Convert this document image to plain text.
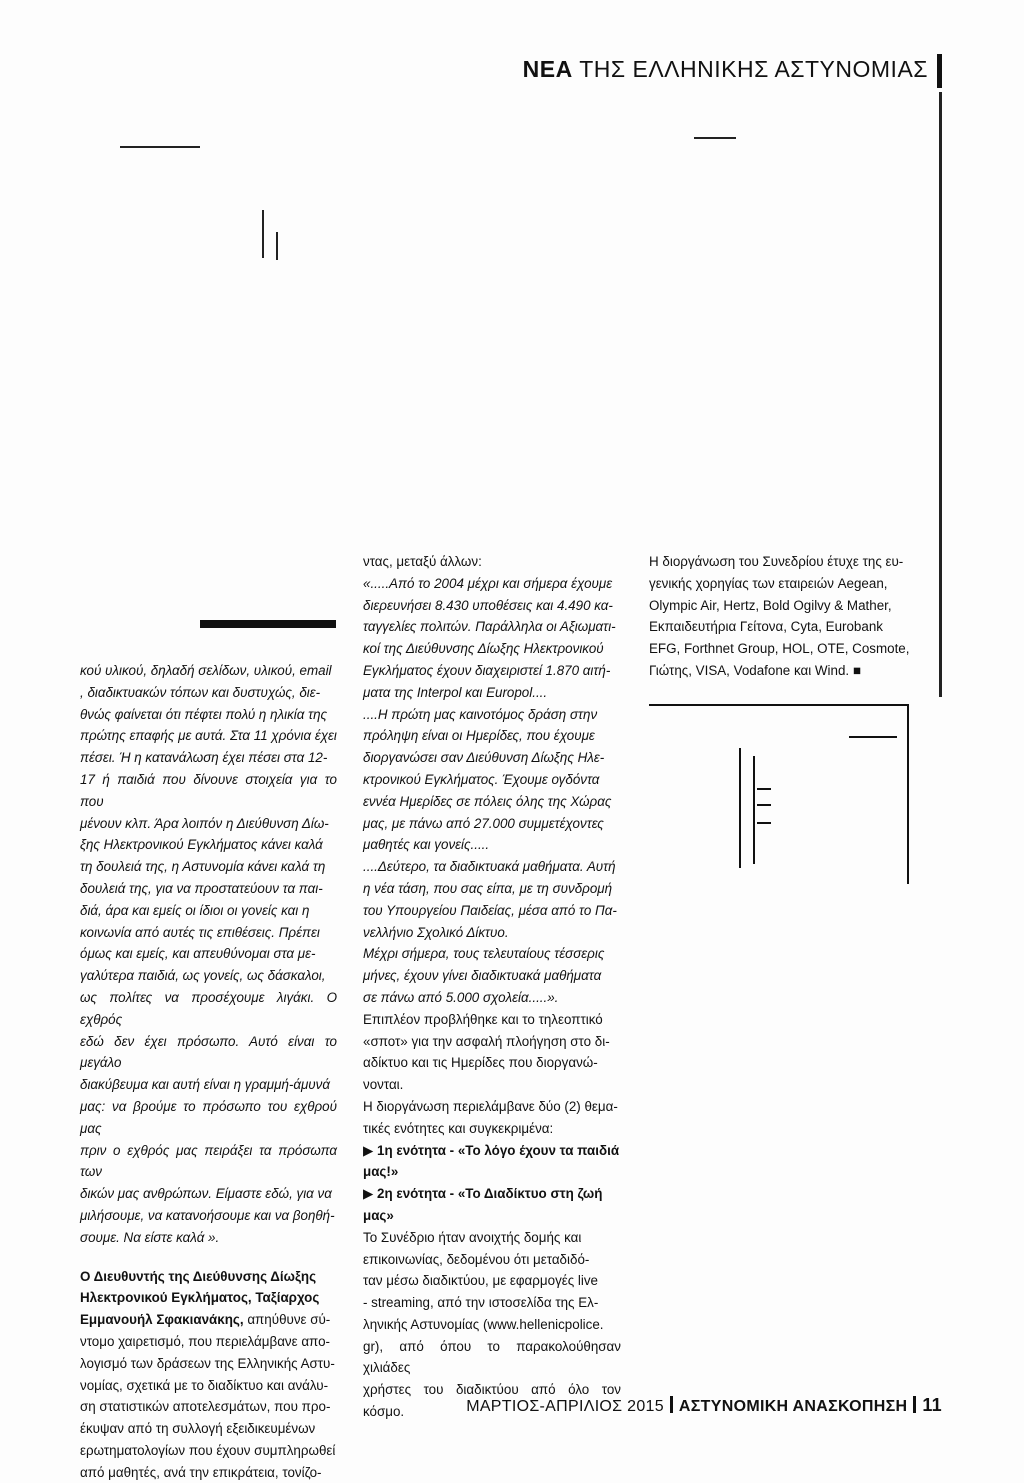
ΝΕΑ ΤΗΣ ΕΛΛΗΝΙΚΗΣ ΑΣΤΥΝΟΜΙΑΣ

κού υλικού, δηλαδή σελίδων, υλικού, email

, διαδικτυακών τόπων και δυστυχώς, διε-

θνώς φαίνεται ότι πέφτει πολύ η ηλικία της

πρώτης επαφής με αυτά. Στα 11 χρόνια έχει

πέσει. Ή η κατανάλωση έχει πέσει στα 12-

17 ή παιδιά που δίνουνε στοιχεία για το που

μένουν κλπ. Άρα λοιπόν η Διεύθυνση Δίω-

ξης Ηλεκτρονικού Εγκλήματος κάνει καλά

τη δουλειά της, η Αστυνομία κάνει καλά τη

δουλειά της, για να προστατεύουν τα παι-

διά, άρα και εμείς οι ίδιοι οι γονείς και η

κοινωνία από αυτές τις επιθέσεις. Πρέπει

όμως και εμείς, και απευθύνομαι στα με-

γαλύτερα παιδιά, ως γονείς, ως δάσκαλοι,

ως πολίτες να προσέχουμε λιγάκι. Ο εχθρός

εδώ δεν έχει πρόσωπο. Αυτό είναι το μεγάλο

διακύβευμα και αυτή είναι η γραμμή-άμυνά

μας: να βρούμε το πρόσωπο του εχθρού μας

πριν ο εχθρός μας πειράξει τα πρόσωπα των

δικών μας ανθρώπων. Είμαστε εδώ, για να

μιλήσουμε, να κατανοήσουμε και να βοηθή-

σουμε. Να είστε καλά ».

Ο Διευθυντής της Διεύθυνσης Δίωξης

Ηλεκτρονικού Εγκλήματος, Ταξίαρχος

Εμμανουήλ Σφακιανάκης, απηύθυνε σύ-

ντομο χαιρετισμό, που περιελάμβανε απο-

λογισμό των δράσεων της Ελληνικής Αστυ-

νομίας, σχετικά με το διαδίκτυο και ανάλυ-

ση στατιστικών αποτελεσμάτων, που προ-

έκυψαν από τη συλλογή εξειδικευμένων

ερωτηματολογίων που έχουν συμπληρωθεί

από μαθητές, ανά την επικράτεια, τονίζο-

ντας, μεταξύ άλλων:

«.....Από το 2004 μέχρι και σήμερα έχουμε

διερευνήσει 8.430 υποθέσεις και 4.490 κα-

ταγγελίες πολιτών. Παράλληλα οι Αξιωματι-

κοί της Διεύθυνσης Δίωξης Ηλεκτρονικού

Εγκλήματος έχουν διαχειριστεί 1.870 αιτή-

ματα της Interpol και Europol....

....Η πρώτη μας καινοτόμος δράση στην

πρόληψη είναι οι Ημερίδες, που έχουμε

διοργανώσει σαν Διεύθυνση Δίωξης Ηλε-

κτρονικού Εγκλήματος. Έχουμε ογδόντα

εννέα Ημερίδες σε πόλεις όλης της Χώρας

μας, με πάνω από 27.000 συμμετέχοντες

μαθητές και γονείς.....

....Δεύτερο, τα διαδικτυακά μαθήματα. Αυτή

η νέα τάση, που σας είπα, με τη συνδρομή

του Υπουργείου Παιδείας, μέσα από το Πα-

νελλήνιο Σχολικό Δίκτυο.

Μέχρι σήμερα, τους τελευταίους τέσσερις

μήνες, έχουν γίνει διαδικτυακά μαθήματα

σε πάνω από 5.000 σχολεία.....».

Επιπλέον προβλήθηκε και το τηλεοπτικό

«σποτ» για την ασφαλή πλοήγηση στο δι-

αδίκτυο και τις Ημερίδες που διοργανώ-

νονται.

Η διοργάνωση περιελάμβανε δύο (2) θεμα-

τικές ενότητες και συγκεκριμένα:

▶ 1η ενότητα - «Το λόγο έχουν τα παιδιά

μας!»

▶ 2η ενότητα - «Το Διαδίκτυο στη ζωή

μας»

Το Συνέδριο ήταν ανοιχτής δομής και

επικοινωνίας, δεδομένου ότι μεταδιδό-

ταν μέσω διαδικτύου, με εφαρμογές live

- streaming, από την ιστοσελίδα της Ελ-

ληνικής Αστυνομίας (www.hellenicpolice.

gr), από όπου το παρακολούθησαν χιλιάδες

χρήστες του διαδικτύου από όλο τον κόσμο.

Η διοργάνωση του Συνεδρίου έτυχε της ευ-

γενικής χορηγίας των εταιρειών Aegean,

Olympic Air, Hertz, Bold Ogilvy & Mather,

Εκπαιδευτήρια Γείτονα, Cyta, Eurobank

EFG, Forthnet Group, HOL, OTE, Cosmote,

Γιώτης, VISA, Vodafone και Wind. ■

ΜΑΡΤΙΟΣ-ΑΠΡΙΛΙΟΣ 2015 ΑΣΤΥΝΟΜΙΚΗ ΑΝΑΣΚΟΠΗΣΗ 11
